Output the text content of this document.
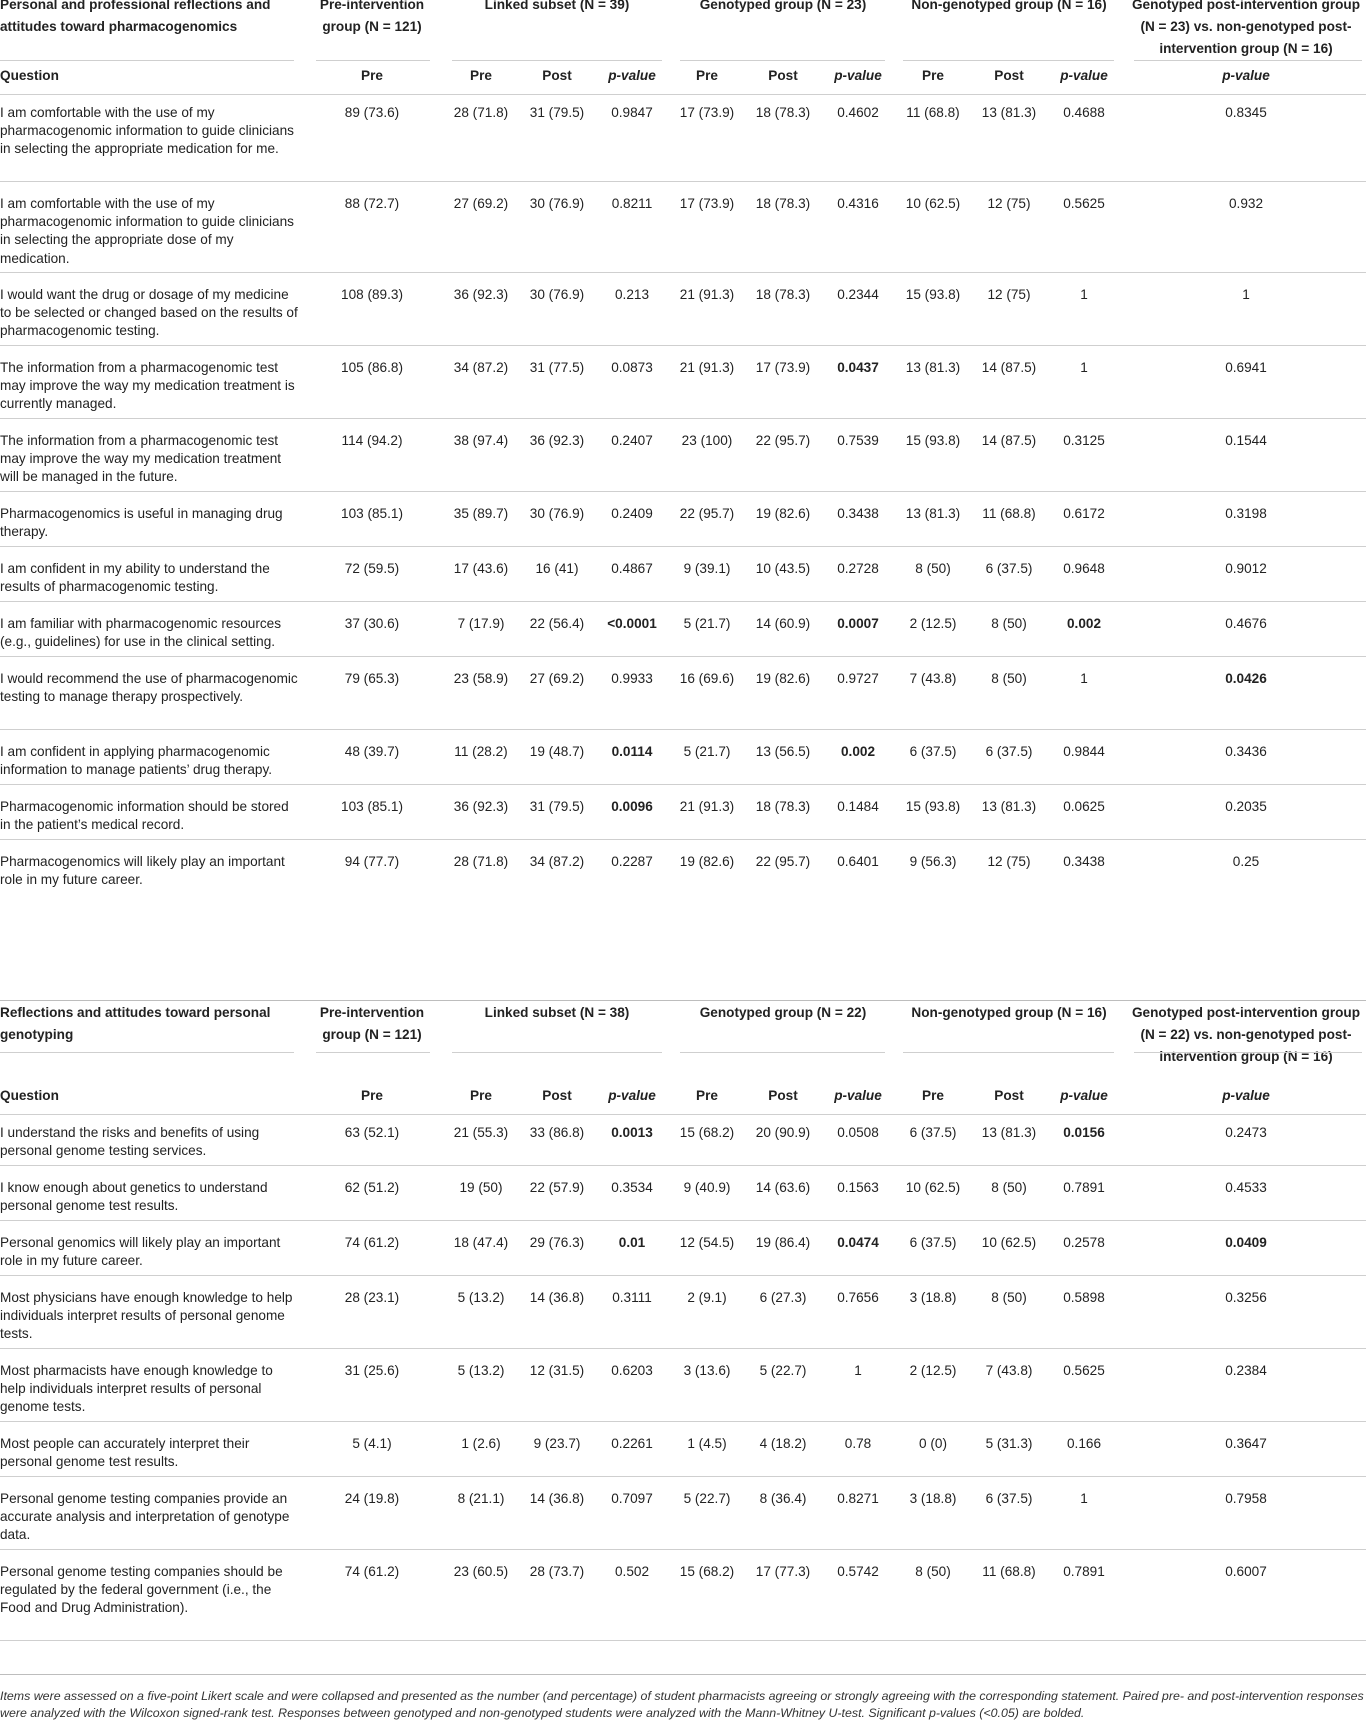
Personal and professional reflections and attitudes toward pharmacogenomics
Pre-intervention group (N = 121)
Linked subset (N = 39)	Genotyped group (N = 23)	Non-genotyped group (N = 16)	Genotyped post-intervention group (N = 23) vs. non-genotyped post-intervention group (N = 16)
Question	Pre	Pre	Post	p-value	Pre	Post	p-value	Pre	Post	p-value	p-value
I am comfortable with the use of my pharmacogenomic information to guide clinicians in selecting the appropriate medication for me.
89 (73.6)	28 (71.8)	31 (79.5)	0.9847	17 (73.9)	18 (78.3)	0.4602	11 (68.8)	13 (81.3)	0.4688	0.8345
I am comfortable with the use of my pharmacogenomic information to guide clinicians in selecting the appropriate dose of my medication.
88 (72.7)	27 (69.2)	30 (76.9)	0.8211	17 (73.9)	18 (78.3)	0.4316	10 (62.5)	12 (75)	0.5625	0.932
I would want the drug or dosage of my medicine to be selected or changed based on the results of pharmacogenomic testing.
108 (89.3)	36 (92.3)	30 (76.9)	0.213	21 (91.3)	18 (78.3)	0.2344	15 (93.8)	12 (75)	1	1
The information from a pharmacogenomic test may improve the way my medication treatment is currently managed.
105 (86.8)	34 (87.2)	31 (77.5)	0.0873	21 (91.3)	17 (73.9)	0.0437	13 (81.3)	14 (87.5)	1	0.6941
The information from a pharmacogenomic test may improve the way my medication treatment will be managed in the future.
114 (94.2)	38 (97.4)	36 (92.3)	0.2407	23 (100)	22 (95.7)	0.7539	15 (93.8)	14 (87.5)	0.3125	0.1544
Pharmacogenomics is useful in managing drug therapy.
103 (85.1)	35 (89.7)	30 (76.9)	0.2409	22 (95.7)	19 (82.6)	0.3438	13 (81.3)	11 (68.8)	0.6172	0.3198
I am confident in my ability to understand the results of pharmacogenomic testing.
72 (59.5)	17 (43.6)	16 (41)	0.4867	9 (39.1)	10 (43.5)	0.2728	8 (50)	6 (37.5)	0.9648	0.9012
I am familiar with pharmacogenomic resources (e.g., guidelines) for use in the clinical setting.
37 (30.6)	7 (17.9)	22 (56.4)	<0.0001	5 (21.7)	14 (60.9)	0.0007	2 (12.5)	8 (50)	0.002	0.4676
I would recommend the use of pharmacogenomic testing to manage therapy prospectively.
79 (65.3)	23 (58.9)	27 (69.2)	0.9933	16 (69.6)	19 (82.6)	0.9727	7 (43.8)	8 (50)	1	0.0426
I am confident in applying pharmacogenomic information to manage patients’ drug therapy.
48 (39.7)	11 (28.2)	19 (48.7)	0.0114	5 (21.7)	13 (56.5)	0.002	6 (37.5)	6 (37.5)	0.9844	0.3436
Pharmacogenomic information should be stored in the patient’s medical record.
103 (85.1)	36 (92.3)	31 (79.5)	0.0096	21 (91.3)	18 (78.3)	0.1484	15 (93.8)	13 (81.3)	0.0625	0.2035
Pharmacogenomics will likely play an important role in my future career.
94 (77.7)	28 (71.8)	34 (87.2)	0.2287	19 (82.6)	22 (95.7)	0.6401	9 (56.3)	12 (75)	0.3438	0.25
Reflections and attitudes toward personal genotyping
Pre-intervention group (N = 121)
Linked subset (N = 38)	Genotyped group (N = 22)	Non-genotyped group (N = 16)	Genotyped post-intervention group (N = 22) vs. non-genotyped post-intervention group (N = 16)
Question	Pre	Pre	Post	p-value	Pre	Post	p-value	Pre	Post	p-value	p-value
I understand the risks and benefits of using personal genome testing services.
63 (52.1)	21 (55.3)	33 (86.8)	0.0013	15 (68.2)	20 (90.9)	0.0508	6 (37.5)	13 (81.3)	0.0156	0.2473
I know enough about genetics to understand personal genome test results.
62 (51.2)	19 (50)	22 (57.9)	0.3534	9 (40.9)	14 (63.6)	0.1563	10 (62.5)	8 (50)	0.7891	0.4533
Personal genomics will likely play an important role in my future career.
74 (61.2)	18 (47.4)	29 (76.3)	0.01	12 (54.5)	19 (86.4)	0.0474	6 (37.5)	10 (62.5)	0.2578	0.0409
Most physicians have enough knowledge to help individuals interpret results of personal genome tests.
28 (23.1)	5 (13.2)	14 (36.8)	0.3111	2 (9.1)	6 (27.3)	0.7656	3 (18.8)	8 (50)	0.5898	0.3256
Most pharmacists have enough knowledge to help individuals interpret results of personal genome tests.
31 (25.6)	5 (13.2)	12 (31.5)	0.6203	3 (13.6)	5 (22.7)	1	2 (12.5)	7 (43.8)	0.5625	0.2384
Most people can accurately interpret their personal genome test results.
5 (4.1)	1 (2.6)	9 (23.7)	0.2261	1 (4.5)	4 (18.2)	0.78	0 (0)	5 (31.3)	0.166	0.3647
Personal genome testing companies provide an accurate analysis and interpretation of genotype data.
24 (19.8)	8 (21.1)	14 (36.8)	0.7097	5 (22.7)	8 (36.4)	0.8271	3 (18.8)	6 (37.5)	1	0.7958
Personal genome testing companies should be regulated by the federal government (i.e., the Food and Drug Administration).
74 (61.2)	23 (60.5)	28 (73.7)	0.502	15 (68.2)	17 (77.3)	0.5742	8 (50)	11 (68.8)	0.7891	0.6007
Items were assessed on a five-point Likert scale and were collapsed and presented as the number (and percentage) of student pharmacists agreeing or strongly agreeing with the corresponding statement. Paired pre- and post-intervention responses were analyzed with the Wilcoxon signed-rank test. Responses between genotyped and non-genotyped students were analyzed with the Mann-Whitney U-test. Significant p-values (<0.05) are bolded.
